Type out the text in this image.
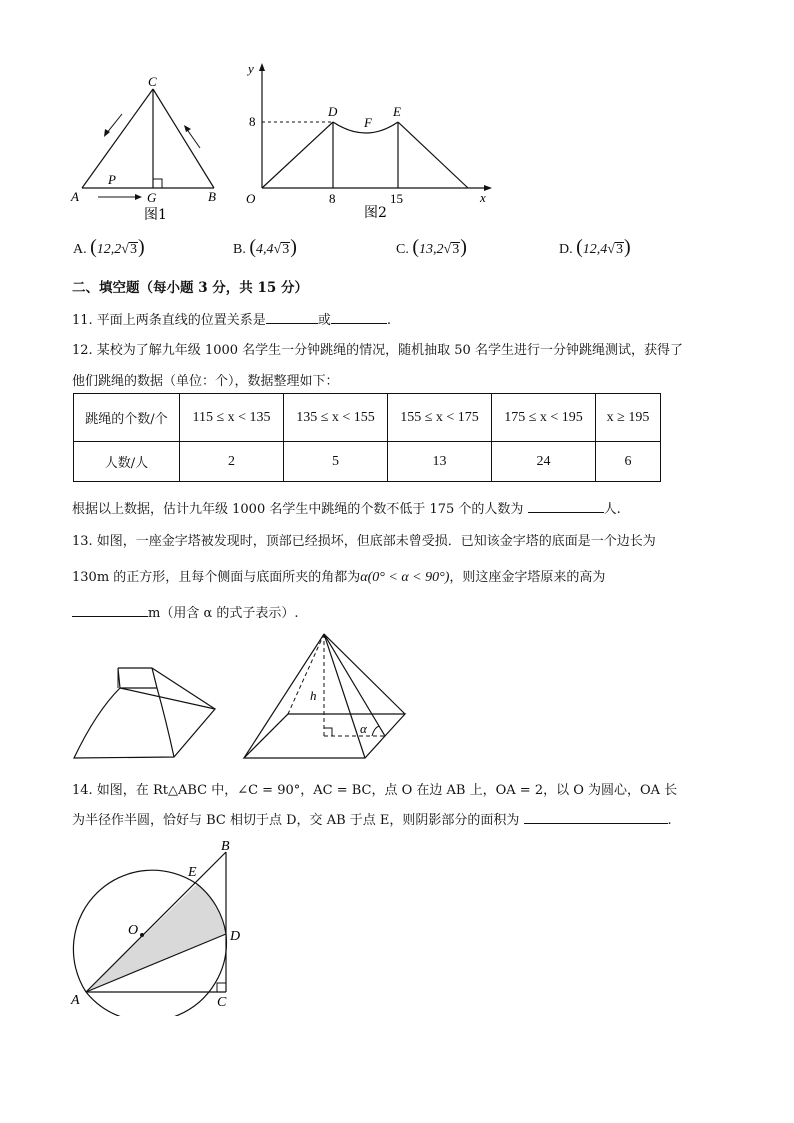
C
A
P
G	B
图1
y
x
O
8
8	15
D
F
E
图2
A. (12,2√3)	B. (4,4√3)	C. (13,2√3)	D. (12,4√3)
二、填空题（每小题 3 分，共 15 分）
11. 平面上两条直线的位置关系是	或	.
12. 某校为了解九年级 1000 名学生一分钟跳绳的情况，随机抽取 50 名学生进行一分钟跳绳测试，获得了
他们跳绳的数据（单位：个），数据整理如下：
跳绳的个数/个	115 ≤ x < 135	135 ≤ x < 155	155 ≤ x < 175	175 ≤ x < 195	x ≥ 195
人数/人	2	5	13	24	6
根据以上数据，估计九年级 1000 名学生中跳绳的个数不低于 175 个的人数为	人.
13. 如图，一座金字塔被发现时，顶部已经损坏，但底部未曾受损．已知该金字塔的底面是一个边长为
130m 的正方形，且每个侧面与底面所夹的角都为α(0° < α < 90°)，则这座金字塔原来的高为
m（用含 α 的式子表示）.
h
α
14. 如图，在 Rt△ABC 中，∠C = 90°，AC = BC，点 O 在边 AB 上，OA = 2，以 O 为圆心，OA 长
为半径作半圆，恰好与 BC 相切于点 D，交 AB 于点 E，则阴影部分的面积为	.
B
E
O	D
A	C
